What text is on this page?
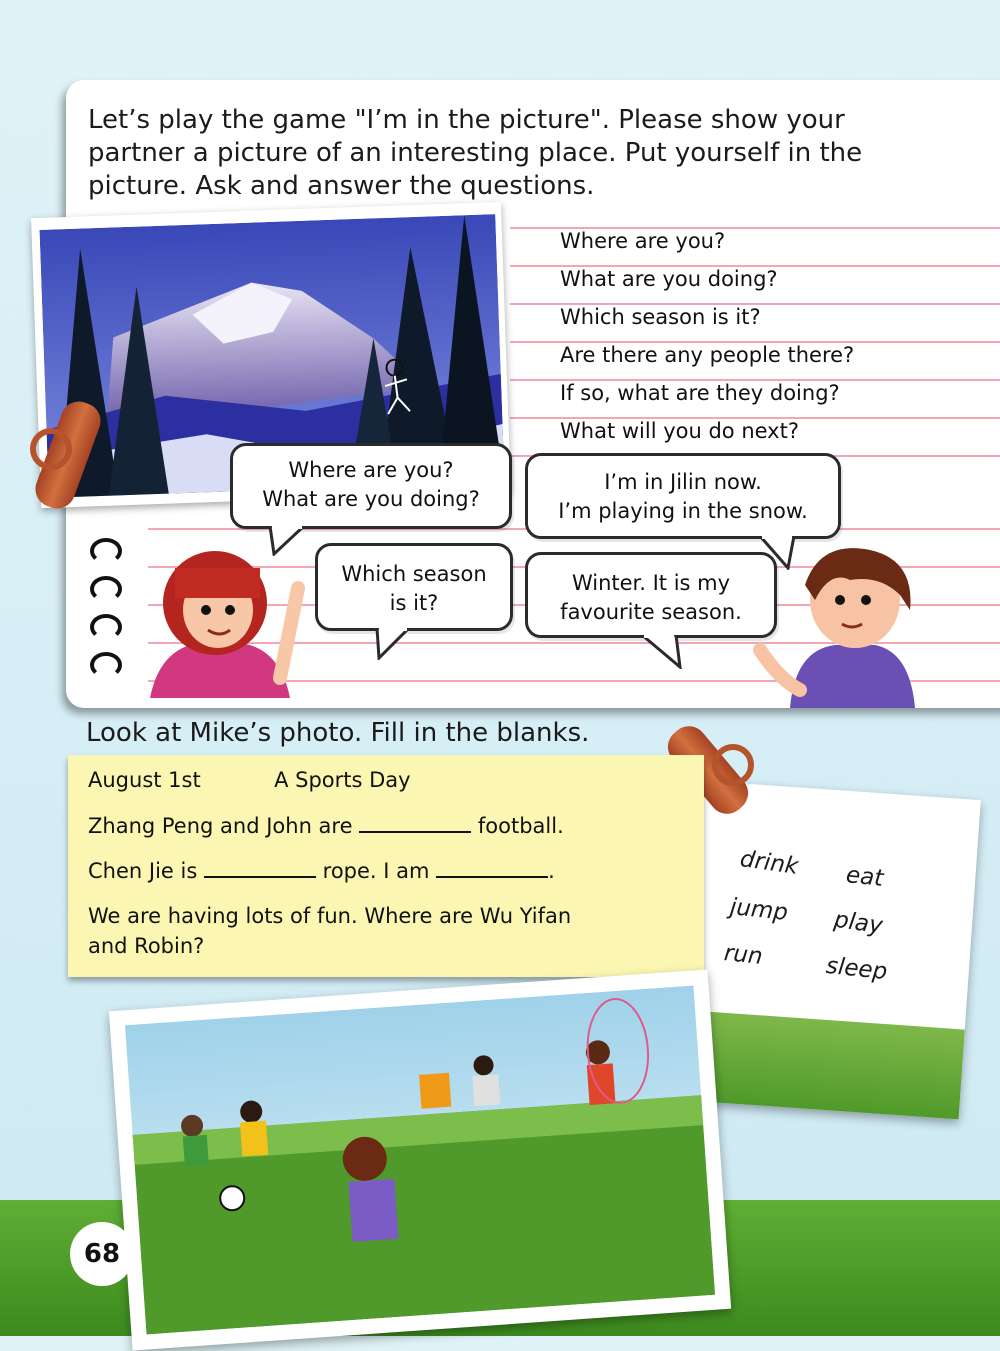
Let’s play the game "I’m in the picture". Please show your
partner a picture of an interesting place. Put yourself in the
picture. Ask and answer the questions.
Where are you?
What are you doing?
Which season is it?
Are there any people there?
If so, what are they doing?
What will you do next?
Where are you?
What are you doing?
I’m in Jilin now.
I’m playing in the snow.
Which season
is it?
Winter. It is my
favourite season.
Look at Mike’s photo. Fill in the blanks.
drink eat
jump play
run	sleep
August 1st	A Sports Day
Zhang Peng and John are	football.
Chen Jie is	rope. I am	.
We are having lots of fun. Where are Wu Yifan
and Robin?
68
